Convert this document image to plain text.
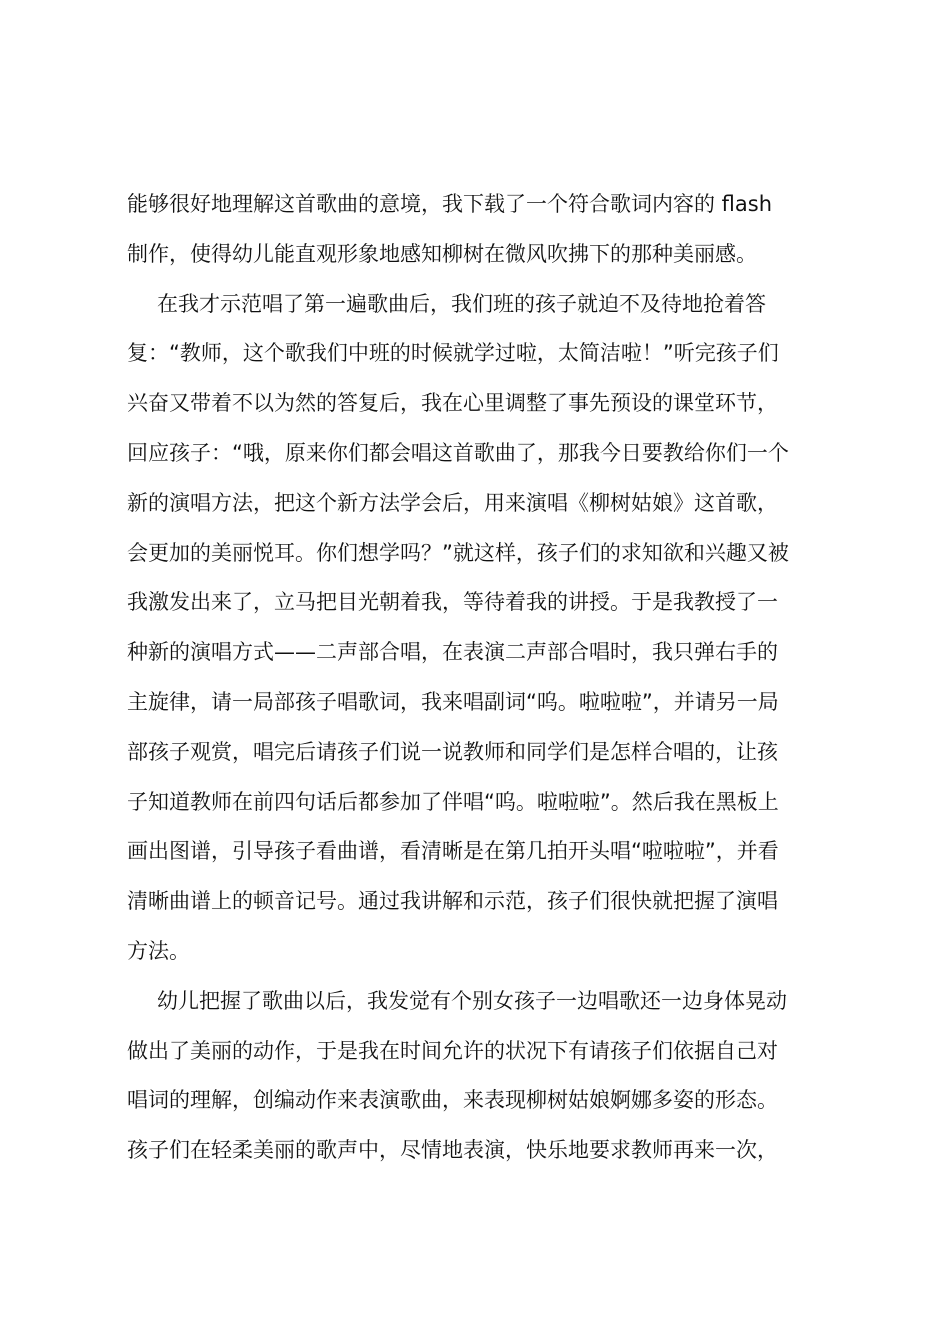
能够很好地理解这首歌曲的意境，我下载了一个符合歌词内容的 flash
制作，使得幼儿能直观形象地感知柳树在微风吹拂下的那种美丽感。
在我才示范唱了第一遍歌曲后，我们班的孩子就迫不及待地抢着答
复：“教师，这个歌我们中班的时候就学过啦，太简洁啦！”听完孩子们
兴奋又带着不以为然的答复后，我在心里调整了事先预设的课堂环节，
回应孩子：“哦，原来你们都会唱这首歌曲了，那我今日要教给你们一个
新的演唱方法，把这个新方法学会后，用来演唱《柳树姑娘》这首歌，
会更加的美丽悦耳。你们想学吗？”就这样，孩子们的求知欲和兴趣又被
我激发出来了，立马把目光朝着我，等待着我的讲授。于是我教授了一
种新的演唱方式——二声部合唱，在表演二声部合唱时，我只弹右手的
主旋律，请一局部孩子唱歌词，我来唱副词“呜。啦啦啦”，并请另一局
部孩子观赏，唱完后请孩子们说一说教师和同学们是怎样合唱的，让孩
子知道教师在前四句话后都参加了伴唱“呜。啦啦啦”。然后我在黑板上
画出图谱，引导孩子看曲谱，看清晰是在第几拍开头唱“啦啦啦”，并看
清晰曲谱上的顿音记号。通过我讲解和示范，孩子们很快就把握了演唱
方法。
幼儿把握了歌曲以后，我发觉有个别女孩子一边唱歌还一边身体晃动
做出了美丽的动作，于是我在时间允许的状况下有请孩子们依据自己对
唱词的理解，创编动作来表演歌曲，来表现柳树姑娘婀娜多姿的形态。
孩子们在轻柔美丽的歌声中，尽情地表演，快乐地要求教师再来一次，
